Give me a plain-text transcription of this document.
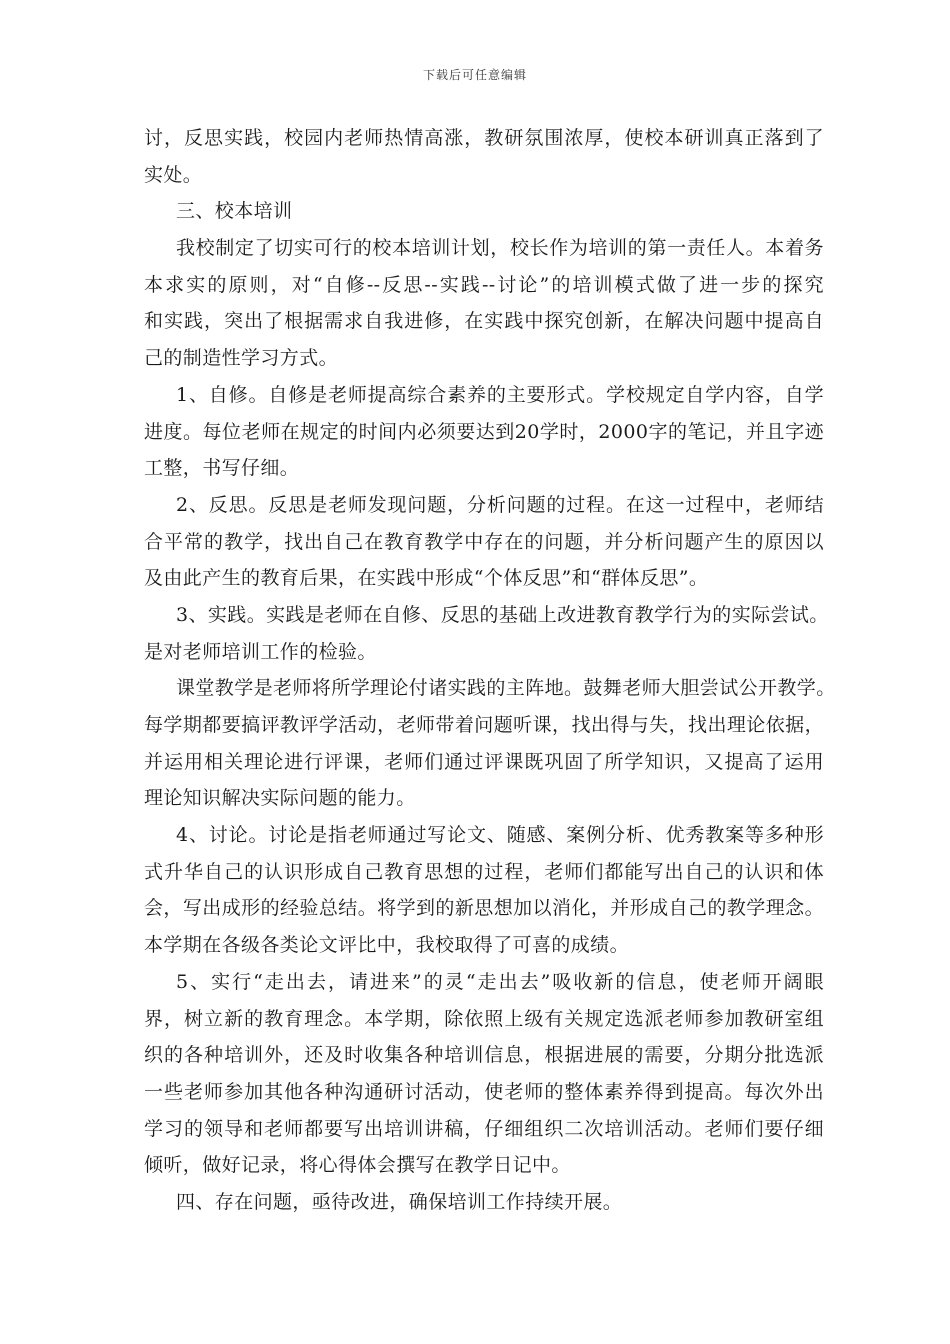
下载后可任意编辑
讨，反思实践，校园内老师热情高涨，教研氛围浓厚，使校本研训真正落到了
实处。
三、校本培训
我校制定了切实可行的校本培训计划，校长作为培训的第一责任人。本着务
本求实的原则，对“自修--反思--实践--讨论”的培训模式做了进一步的探究
和实践，突出了根据需求自我进修，在实践中探究创新，在解决问题中提高自
己的制造性学习方式。
1、自修。自修是老师提高综合素养的主要形式。学校规定自学内容，自学
进度。每位老师在规定的时间内必须要达到20学时，2000字的笔记，并且字迹
工整，书写仔细。
2、反思。反思是老师发现问题，分析问题的过程。在这一过程中，老师结
合平常的教学，找出自己在教育教学中存在的问题，并分析问题产生的原因以
及由此产生的教育后果，在实践中形成“个体反思”和“群体反思”。
3、实践。实践是老师在自修、反思的基础上改进教育教学行为的实际尝试。
是对老师培训工作的检验。
课堂教学是老师将所学理论付诸实践的主阵地。鼓舞老师大胆尝试公开教学。
每学期都要搞评教评学活动，老师带着问题听课，找出得与失，找出理论依据，
并运用相关理论进行评课，老师们通过评课既巩固了所学知识，又提高了运用
理论知识解决实际问题的能力。
4、讨论。讨论是指老师通过写论文、随感、案例分析、优秀教案等多种形
式升华自己的认识形成自己教育思想的过程，老师们都能写出自己的认识和体
会，写出成形的经验总结。将学到的新思想加以消化，并形成自己的教学理念。
本学期在各级各类论文评比中，我校取得了可喜的成绩。
5、实行“走出去，请进来”的灵“走出去”吸收新的信息，使老师开阔眼
界，树立新的教育理念。本学期，除依照上级有关规定选派老师参加教研室组
织的各种培训外，还及时收集各种培训信息，根据进展的需要，分期分批选派
一些老师参加其他各种沟通研讨活动，使老师的整体素养得到提高。每次外出
学习的领导和老师都要写出培训讲稿，仔细组织二次培训活动。老师们要仔细
倾听，做好记录，将心得体会撰写在教学日记中。
四、存在问题，亟待改进，确保培训工作持续开展。
